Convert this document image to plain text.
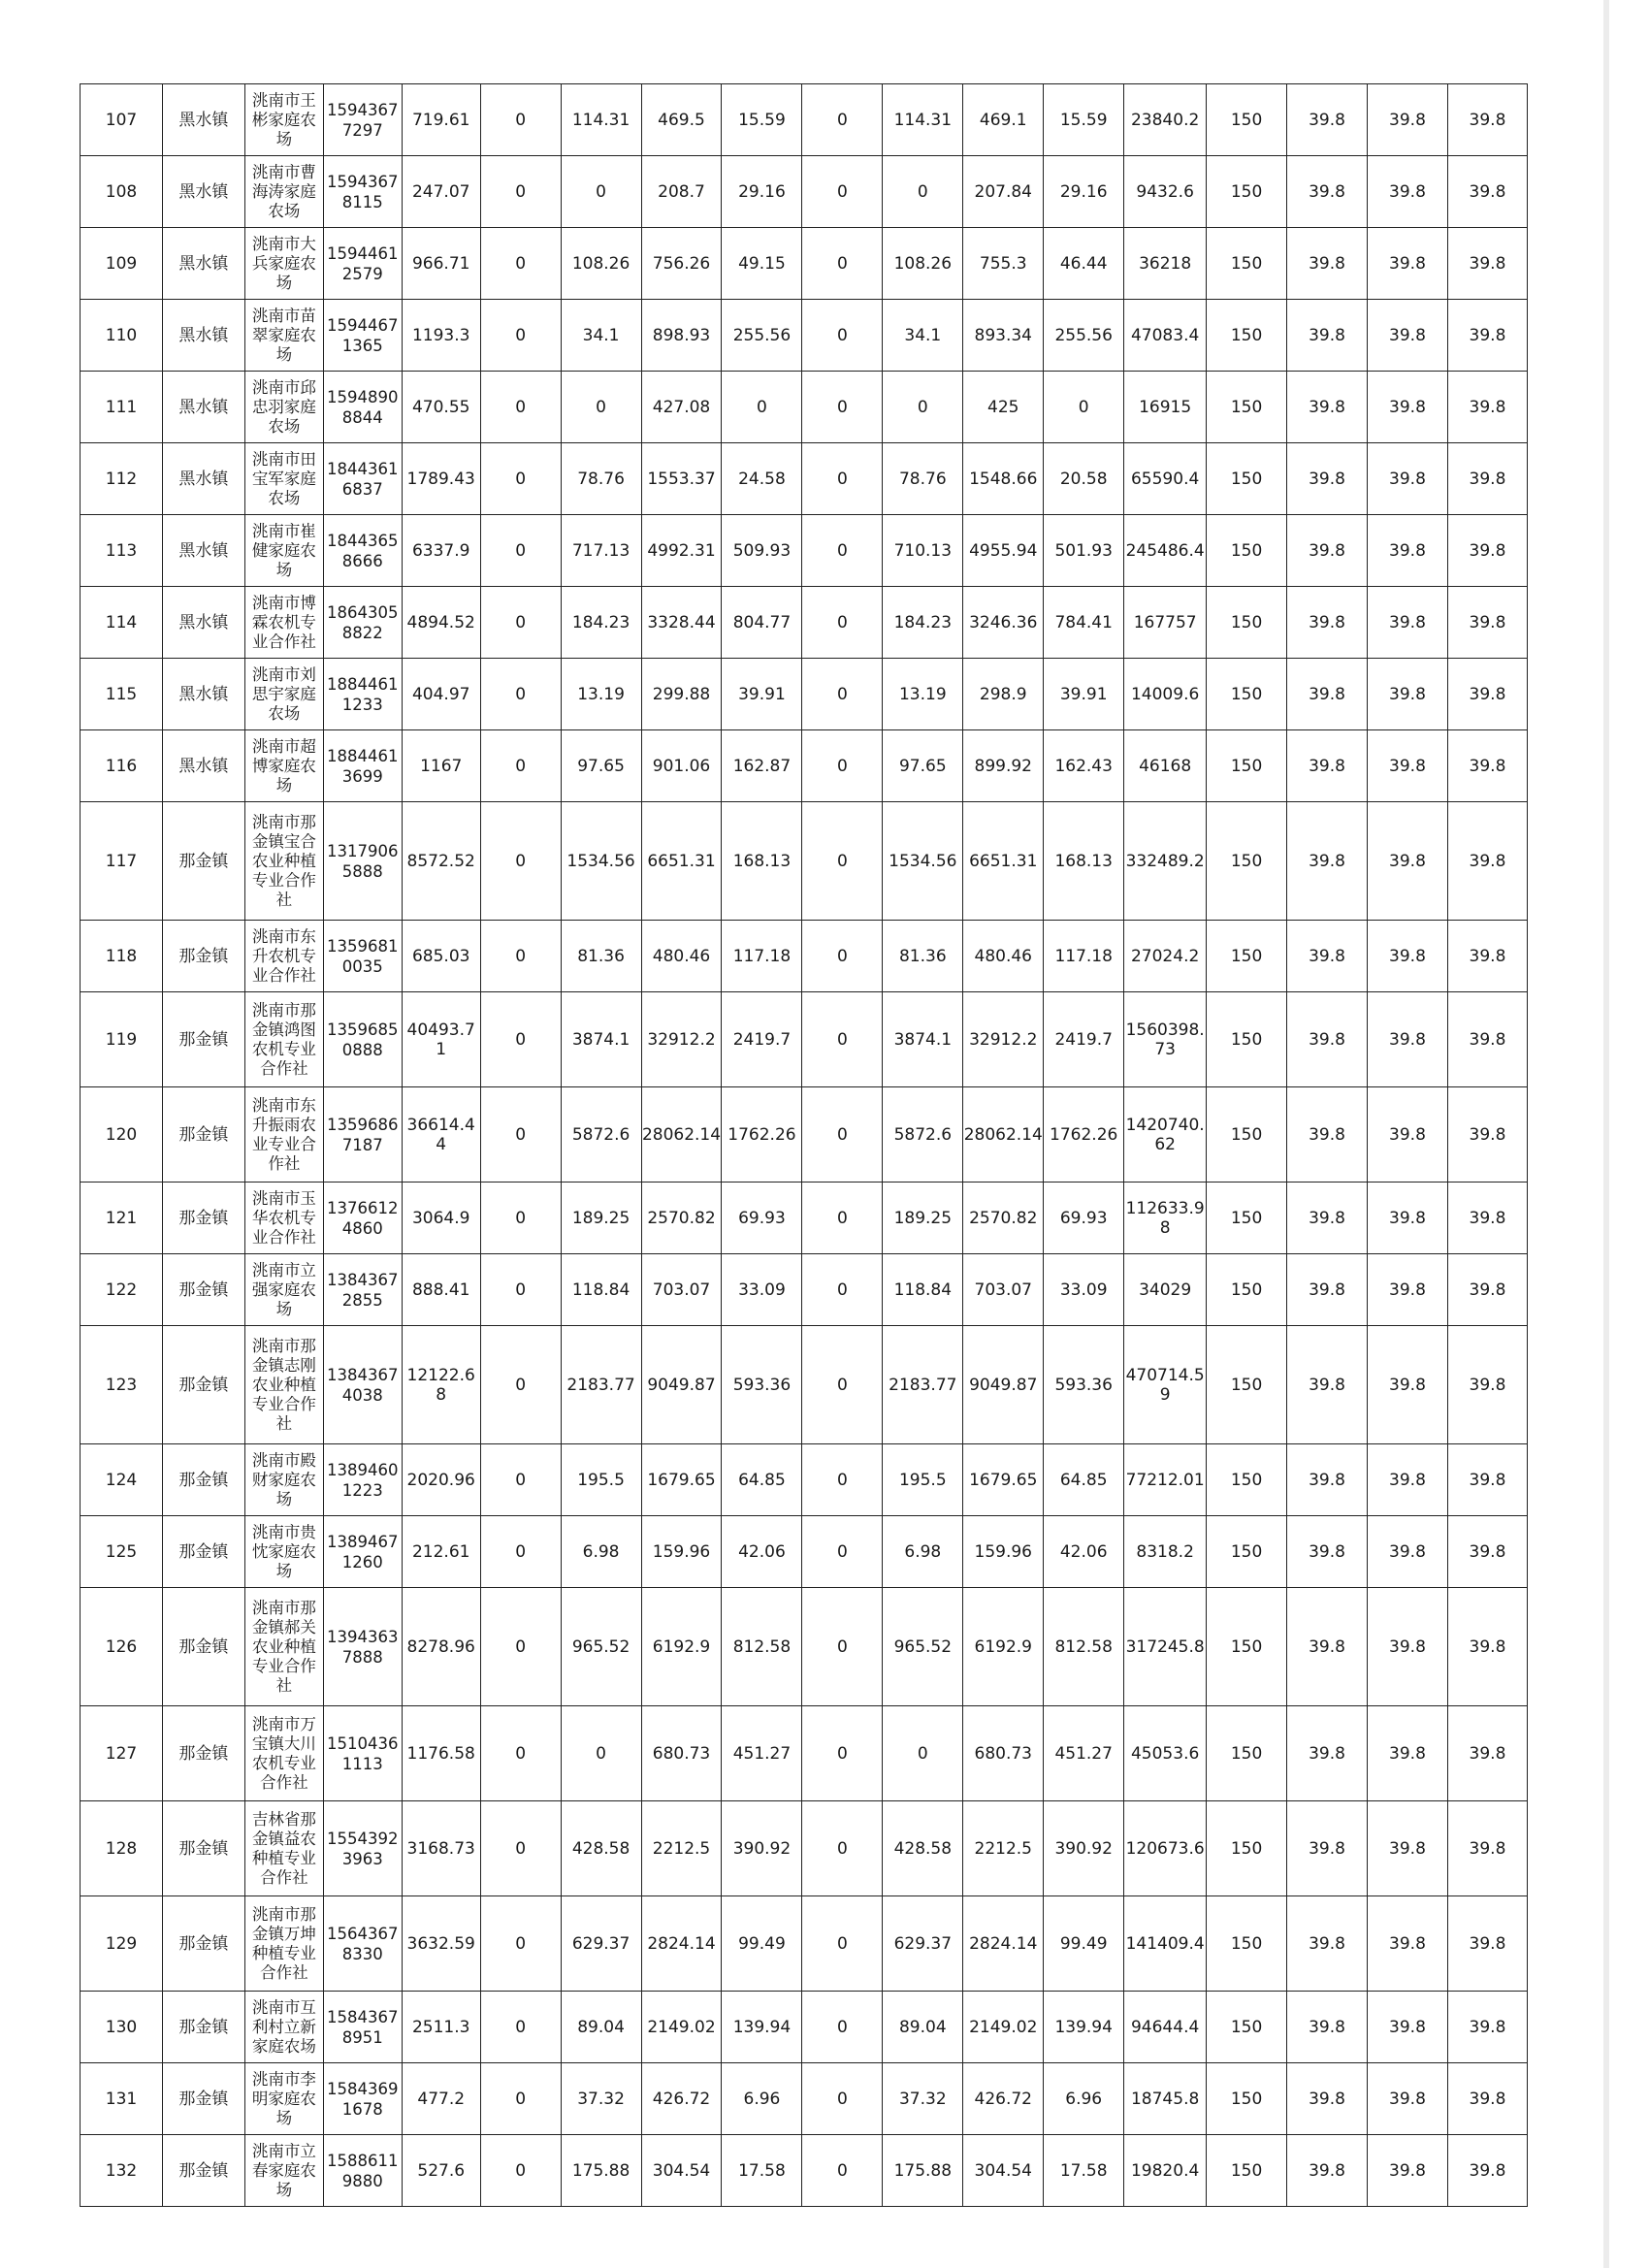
107	黑水镇	洮南市王彬家庭农场	15943677297	719.61	0	114.31	469.5	15.59	0	114.31	469.1	15.59	23840.2	150	39.8	39.8	39.8
108	黑水镇	洮南市曹海涛家庭农场	15943678115	247.07	0	0	208.7	29.16	0	0	207.84	29.16	9432.6	150	39.8	39.8	39.8
109	黑水镇	洮南市大兵家庭农场	15944612579	966.71	0	108.26	756.26	49.15	0	108.26	755.3	46.44	36218	150	39.8	39.8	39.8
110	黑水镇	洮南市苗翠家庭农场	15944671365	1193.3	0	34.1	898.93	255.56	0	34.1	893.34	255.56	47083.4	150	39.8	39.8	39.8
111	黑水镇	洮南市邱忠羽家庭农场	15948908844	470.55	0	0	427.08	0	0	0	425	0	16915	150	39.8	39.8	39.8
112	黑水镇	洮南市田宝军家庭农场	18443616837	1789.43	0	78.76	1553.37	24.58	0	78.76	1548.66	20.58	65590.4	150	39.8	39.8	39.8
113	黑水镇	洮南市崔健家庭农场	18443658666	6337.9	0	717.13	4992.31	509.93	0	710.13	4955.94	501.93	245486.4	150	39.8	39.8	39.8
114	黑水镇	洮南市博霖农机专业合作社	18643058822	4894.52	0	184.23	3328.44	804.77	0	184.23	3246.36	784.41	167757	150	39.8	39.8	39.8
115	黑水镇	洮南市刘思宇家庭农场	18844611233	404.97	0	13.19	299.88	39.91	0	13.19	298.9	39.91	14009.6	150	39.8	39.8	39.8
116	黑水镇	洮南市超博家庭农场	18844613699	1167	0	97.65	901.06	162.87	0	97.65	899.92	162.43	46168	150	39.8	39.8	39.8
117	那金镇	洮南市那金镇宝合农业种植专业合作社	13179065888	8572.52	0	1534.56	6651.31	168.13	0	1534.56	6651.31	168.13	332489.2	150	39.8	39.8	39.8
118	那金镇	洮南市东升农机专业合作社	13596810035	685.03	0	81.36	480.46	117.18	0	81.36	480.46	117.18	27024.2	150	39.8	39.8	39.8
119	那金镇	洮南市那金镇鸿图农机专业合作社	13596850888	40493.71	0	3874.1	32912.2	2419.7	0	3874.1	32912.2	2419.7	1560398.73	150	39.8	39.8	39.8
120	那金镇	洮南市东升振雨农业专业合作社	13596867187	36614.44	0	5872.6	28062.14	1762.26	0	5872.6	28062.14	1762.26	1420740.62	150	39.8	39.8	39.8
121	那金镇	洮南市玉华农机专业合作社	13766124860	3064.9	0	189.25	2570.82	69.93	0	189.25	2570.82	69.93	112633.98	150	39.8	39.8	39.8
122	那金镇	洮南市立强家庭农场	13843672855	888.41	0	118.84	703.07	33.09	0	118.84	703.07	33.09	34029	150	39.8	39.8	39.8
123	那金镇	洮南市那金镇志刚农业种植专业合作社	13843674038	12122.68	0	2183.77	9049.87	593.36	0	2183.77	9049.87	593.36	470714.59	150	39.8	39.8	39.8
124	那金镇	洮南市殿财家庭农场	13894601223	2020.96	0	195.5	1679.65	64.85	0	195.5	1679.65	64.85	77212.01	150	39.8	39.8	39.8
125	那金镇	洮南市贵忱家庭农场	13894671260	212.61	0	6.98	159.96	42.06	0	6.98	159.96	42.06	8318.2	150	39.8	39.8	39.8
126	那金镇	洮南市那金镇郝关农业种植专业合作社	13943637888	8278.96	0	965.52	6192.9	812.58	0	965.52	6192.9	812.58	317245.8	150	39.8	39.8	39.8
127	那金镇	洮南市万宝镇大川农机专业合作社	15104361113	1176.58	0	0	680.73	451.27	0	0	680.73	451.27	45053.6	150	39.8	39.8	39.8
128	那金镇	吉林省那金镇益农种植专业合作社	15543923963	3168.73	0	428.58	2212.5	390.92	0	428.58	2212.5	390.92	120673.6	150	39.8	39.8	39.8
129	那金镇	洮南市那金镇万坤种植专业合作社	15643678330	3632.59	0	629.37	2824.14	99.49	0	629.37	2824.14	99.49	141409.4	150	39.8	39.8	39.8
130	那金镇	洮南市互利村立新家庭农场	15843678951	2511.3	0	89.04	2149.02	139.94	0	89.04	2149.02	139.94	94644.4	150	39.8	39.8	39.8
131	那金镇	洮南市李明家庭农场	15843691678	477.2	0	37.32	426.72	6.96	0	37.32	426.72	6.96	18745.8	150	39.8	39.8	39.8
132	那金镇	洮南市立春家庭农场	15886119880	527.6	0	175.88	304.54	17.58	0	175.88	304.54	17.58	19820.4	150	39.8	39.8	39.8
